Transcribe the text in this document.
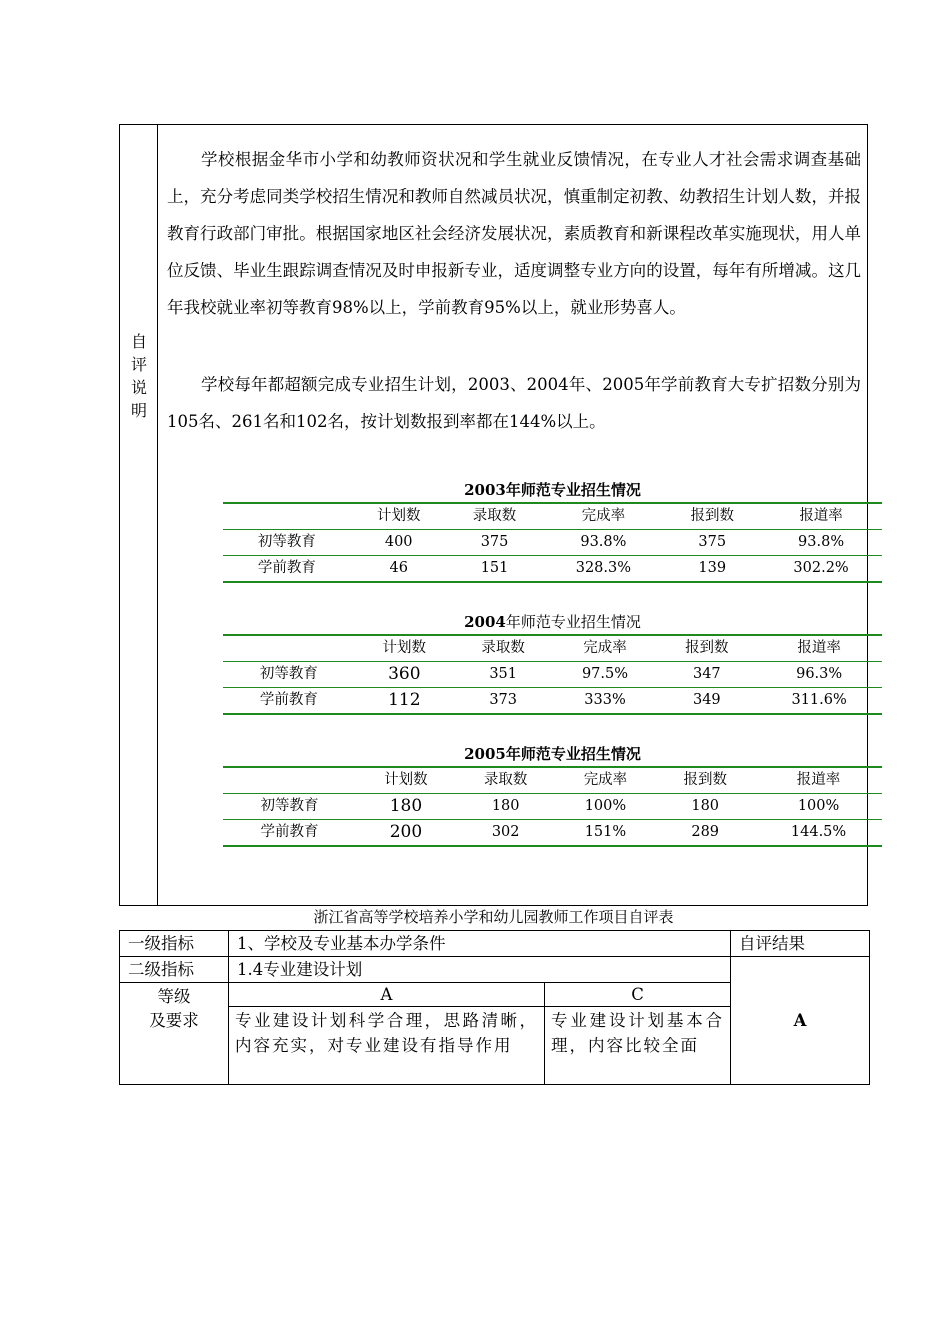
自
评
说
明

学校根据金华市小学和幼教师资状况和学生就业反馈情况，在专业人才社会需求调查基础上，充分考虑同类学校招生情况和教师自然减员状况，慎重制定初教、幼教招生计划人数，并报教育行政部门审批。根据国家地区社会经济发展状况，素质教育和新课程改革实施现状，用人单位反馈、毕业生跟踪调查情况及时申报新专业，适度调整专业方向的设置，每年有所增减。这几年我校就业率初等教育98%以上，学前教育95%以上，就业形势喜人。

学校每年都超额完成专业招生计划，2003、2004年、2005年学前教育大专扩招数分别为105名、261名和102名，按计划数报到率都在144%以上。

2003年师范专业招生情况
	计划数	录取数	完成率	报到数	报道率
初等教育	400	375	93.8%	375	93.8%
学前教育	46	151	328.3%	139	302.2%
2004年师范专业招生情况
	计划数	录取数	完成率	报到数	报道率
初等教育	360	351	97.5%	347	96.3%
学前教育	112	373	333%	349	311.6%
2005年师范专业招生情况
	计划数	录取数	完成率	报到数	报道率
初等教育	180	180	100%	180	100%
学前教育	200	302	151%	289	144.5%
浙江省高等学校培养小学和幼儿园教师工作项目自评表
一级指标	1、学校及专业基本办学条件		自评结果
二级指标	1.4专业建设计划		A

等级
及要求	A	C	
	专业建设计划科学合理，思路清晰，内容充实，对专业建设有指导作用	专业建设计划基本合理，内容比较全面	
